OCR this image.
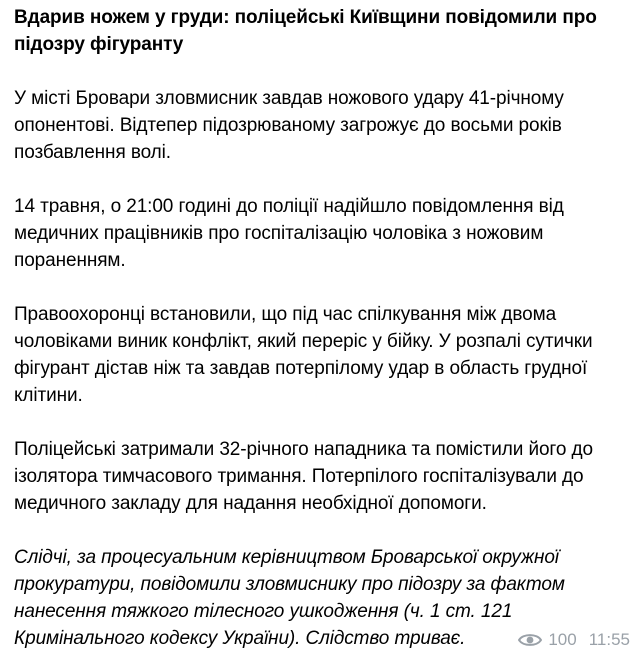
Вдарив ножем у груди: поліцейські Київщини повідомили про підозру фігуранту

У місті Бровари зловмисник завдав ножового удару 41-річному опонентові. Відтепер підозрюваному загрожує до восьми років позбавлення волі.

14 травня, о 21:00 годині до поліції надійшло повідомлення від медичних працівників про госпіталізацію чоловіка з ножовим пораненням.

Правоохоронці встановили, що під час спілкування між двома чоловіками виник конфлікт, який переріс у бійку. У розпалі сутички фігурант дістав ніж та завдав потерпілому удар в область грудної клітини.

Поліцейські затримали 32-річного нападника та помістили його до ізолятора тимчасового тримання. Потерпілого госпіталізували до медичного закладу для надання необхідної допомоги.

Слідчі, за процесуальним керівництвом Броварської окружної прокуратури, повідомили зловмиснику про підозру за фактом нанесення тяжкого тілесного ушкодження (ч. 1 ст. 121 Кримінального кодексу України). Слідство триває.	100 11:55
